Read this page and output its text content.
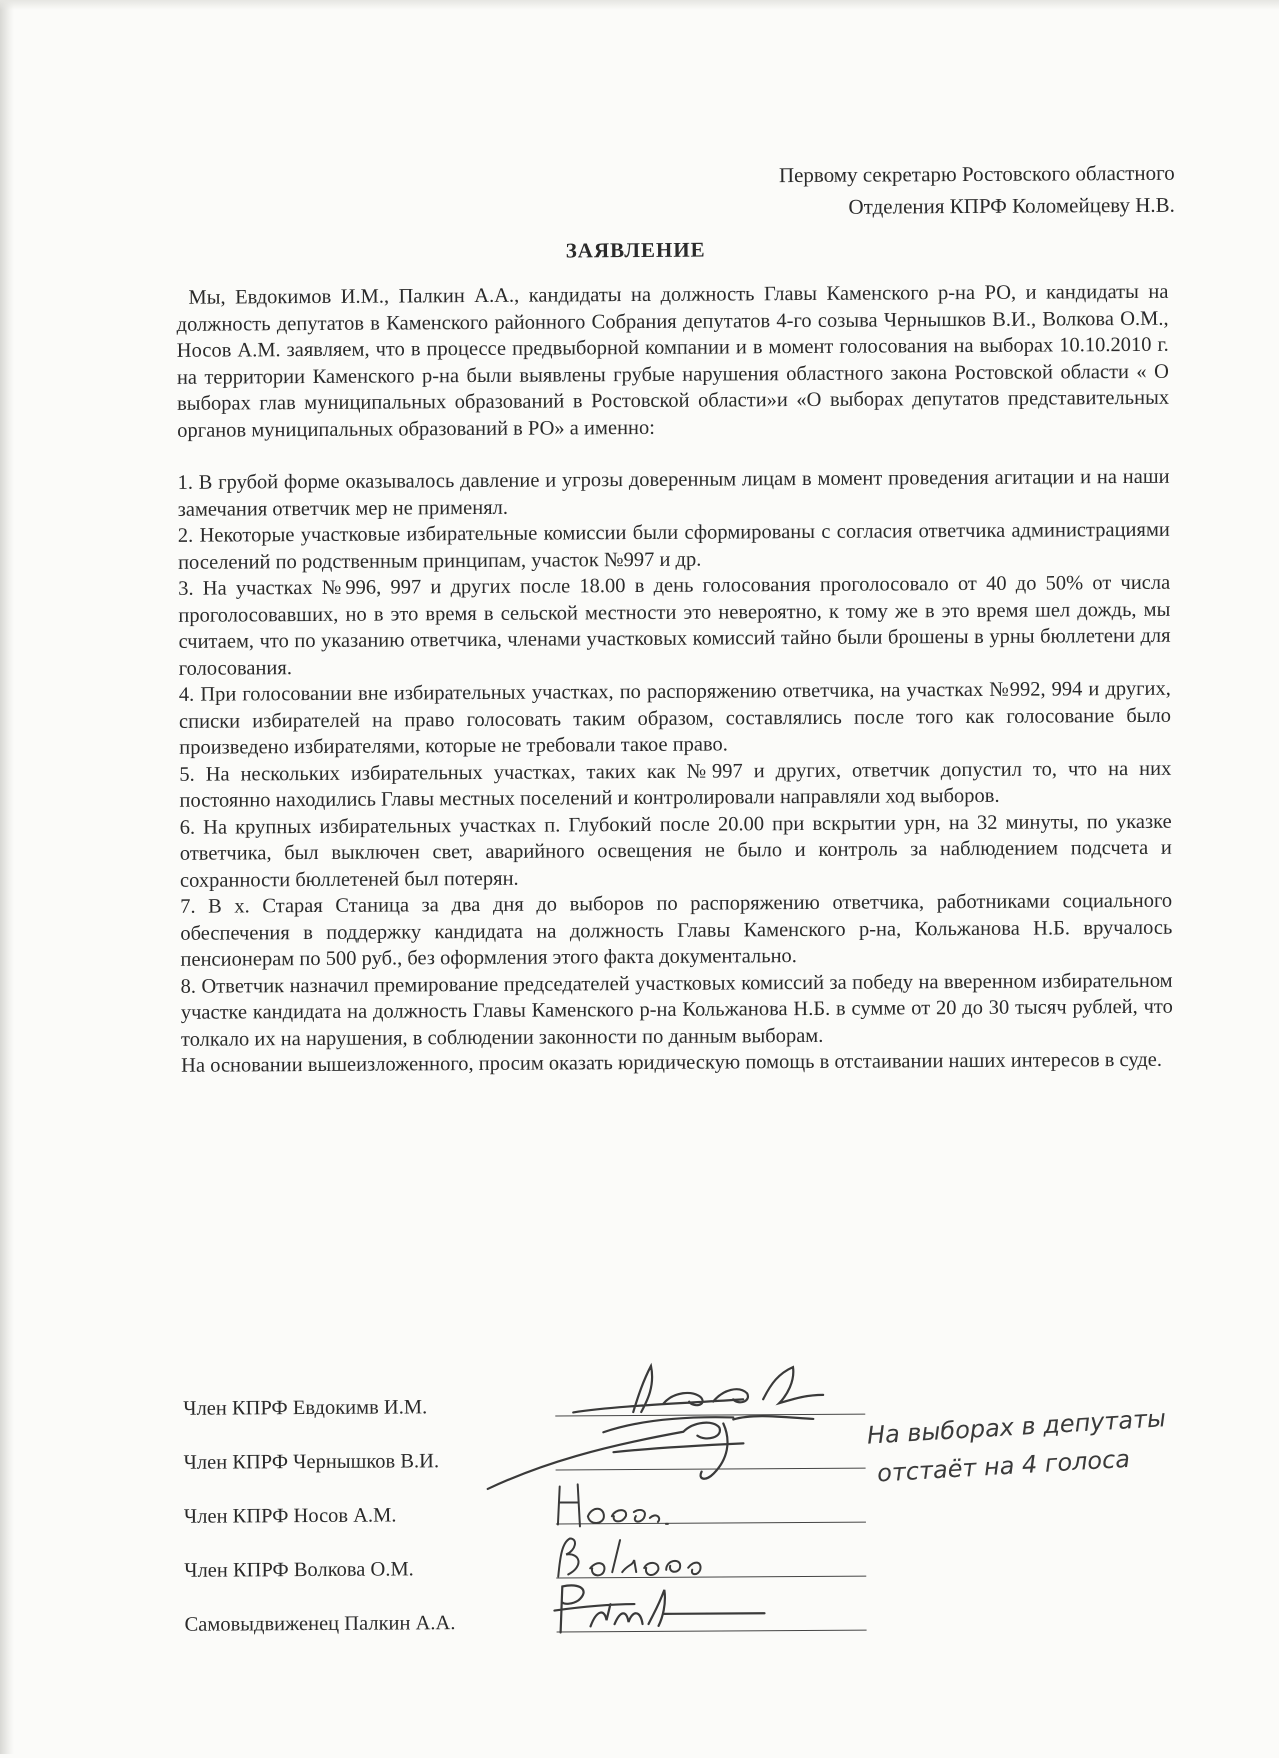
Первому секретарю Ростовского областного
Отделения КПРФ Коломейцеву Н.В.
ЗАЯВЛЕНИЕ

Мы, Евдокимов И.М., Палкин А.А., кандидаты на должность Главы Каменского р-на РО, и кандидаты на должность депутатов в Каменского районного Собрания депутатов 4-го созыва Чернышков В.И., Волкова О.М., Носов А.М. заявляем, что в процессе предвыборной компании и в момент голосования на выборах 10.10.2010 г. на территории Каменского р-на были выявлены грубые нарушения областного закона Ростовской области « О выборах глав муниципальных образований в Ростовской области»и «О выборах депутатов представительных органов муниципальных образований в РО» а именно:

1. В грубой форме оказывалось давление и угрозы доверенным лицам в момент проведения агитации и на наши замечания ответчик мер не применял.

2. Некоторые участковые избирательные комиссии были сформированы с согласия ответчика администрациями поселений по родственным принципам, участок №997 и др.

3. На участках №996, 997 и других после 18.00 в день голосования проголосовало от 40 до 50% от числа проголосовавших, но в это время в сельской местности это невероятно, к тому же в это время шел дождь, мы считаем, что по указанию ответчика, членами участковых комиссий тайно были брошены в урны бюллетени для голосования.

4. При голосовании вне избирательных участках, по распоряжению ответчика, на участках №992, 994 и других, списки избирателей на право голосовать таким образом, составлялись после того как голосование было произведено избирателями, которые не требовали такое право.

5. На нескольких избирательных участках, таких как №997 и других, ответчик допустил то, что на них постоянно находились Главы местных поселений и контролировали направляли ход выборов.

6. На крупных избирательных участках п. Глубокий после 20.00 при вскрытии урн, на 32 минуты, по указке ответчика, был выключен свет, аварийного освещения не было и контроль за наблюдением подсчета и сохранности бюллетеней был потерян.

7. В х. Старая Станица за два дня до выборов по распоряжению ответчика, работниками социального обеспечения в поддержку кандидата на должность Главы Каменского р-на, Кольжанова Н.Б. вручалось пенсионерам по 500 руб., без оформления этого факта документально.

8. Ответчик назначил премирование председателей участковых комиссий за победу на вверенном избирательном участке кандидата на должность Главы Каменского р-на Кольжанова Н.Б. в сумме от 20 до 30 тысяч рублей, что толкало их на нарушения, в соблюдении законности по данным выборам.

На основании вышеизложенного, просим оказать юридическую помощь в отстаивании наших интересов в суде.

Член КПРФ Евдокимв И.М.
Член КПРФ Чернышков В.И.
Член КПРФ Носов А.М.
Член КПРФ Волкова О.М.
Самовыдвиженец Палкин А.А.
На выборах в депутаты
отстаёт на 4 голоса
